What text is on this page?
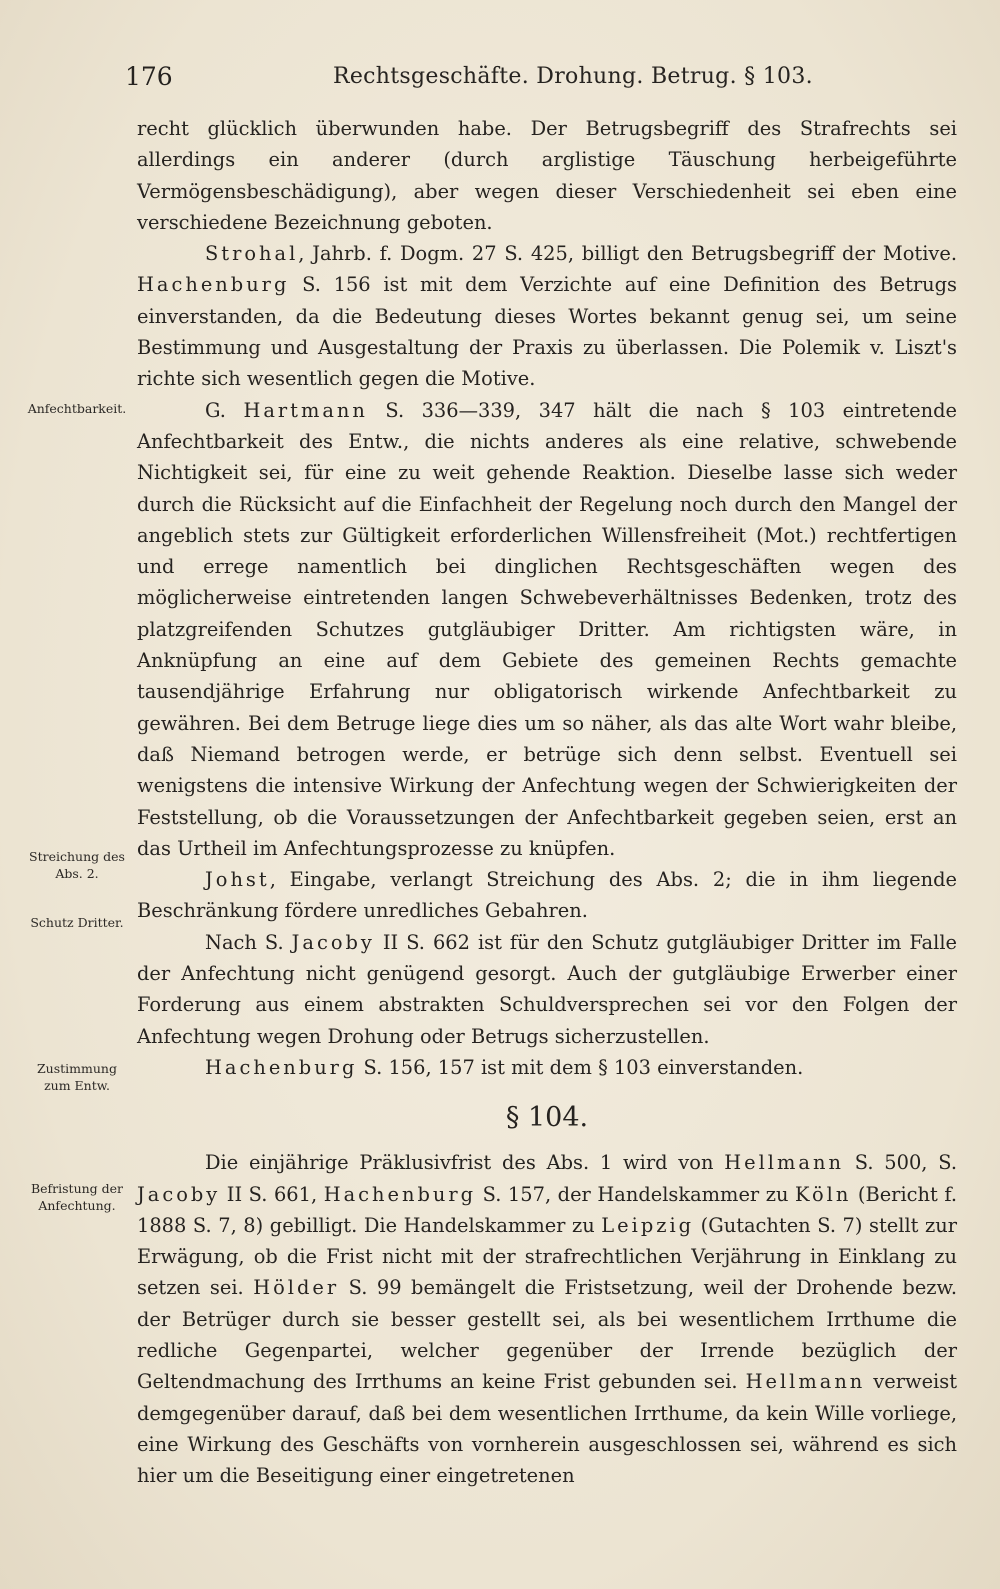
176	Rechtsgeschäfte. Drohung. Betrug. § 103.
Anfechtbarkeit.
Streichung des Abs. 2.
Schutz Dritter.
Zustimmung zum Entw.
Befristung der Anfechtung.

recht glücklich überwunden habe. Der Betrugsbegriff des Strafrechts sei allerdings ein anderer (durch arglistige Täuschung herbeigeführte Vermögensbeschädigung), aber wegen dieser Verschiedenheit sei eben eine verschiedene Bezeichnung geboten.

Strohal, Jahrb. f. Dogm. 27 S. 425, billigt den Betrugsbegriff der Motive. Hachenburg S. 156 ist mit dem Verzichte auf eine Definition des Betrugs einverstanden, da die Bedeutung dieses Wortes bekannt genug sei, um seine Bestimmung und Ausgestaltung der Praxis zu überlassen. Die Polemik v. Liszt's richte sich wesentlich gegen die Motive.

G. Hartmann S. 336—339, 347 hält die nach § 103 eintretende Anfechtbarkeit des Entw., die nichts anderes als eine relative, schwebende Nichtigkeit sei, für eine zu weit gehende Reaktion. Dieselbe lasse sich weder durch die Rücksicht auf die Einfachheit der Regelung noch durch den Mangel der angeblich stets zur Gültigkeit erforderlichen Willensfreiheit (Mot.) rechtfertigen und errege namentlich bei dinglichen Rechtsgeschäften wegen des möglicherweise eintretenden langen Schwebeverhältnisses Bedenken, trotz des platzgreifenden Schutzes gutgläubiger Dritter. Am richtigsten wäre, in Anknüpfung an eine auf dem Gebiete des gemeinen Rechts gemachte tausendjährige Erfahrung nur obligatorisch wirkende Anfechtbarkeit zu gewähren. Bei dem Betruge liege dies um so näher, als das alte Wort wahr bleibe, daß Niemand betrogen werde, er betrüge sich denn selbst. Eventuell sei wenigstens die intensive Wirkung der Anfechtung wegen der Schwierigkeiten der Feststellung, ob die Voraussetzungen der Anfechtbarkeit gegeben seien, erst an das Urtheil im Anfechtungsprozesse zu knüpfen.

Johst, Eingabe, verlangt Streichung des Abs. 2; die in ihm liegende Beschränkung fördere unredliches Gebahren.

Nach S. Jacoby II S. 662 ist für den Schutz gutgläubiger Dritter im Falle der Anfechtung nicht genügend gesorgt. Auch der gutgläubige Erwerber einer Forderung aus einem abstrakten Schuldversprechen sei vor den Folgen der Anfechtung wegen Drohung oder Betrugs sicherzustellen.

Hachenburg S. 156, 157 ist mit dem § 103 einverstanden.

§ 104.

Die einjährige Präklusivfrist des Abs. 1 wird von Hellmann S. 500, S. Jacoby II S. 661, Hachenburg S. 157, der Handelskammer zu Köln (Bericht f. 1888 S. 7, 8) gebilligt. Die Handelskammer zu Leipzig (Gutachten S. 7) stellt zur Erwägung, ob die Frist nicht mit der strafrechtlichen Verjährung in Einklang zu setzen sei. Hölder S. 99 bemängelt die Fristsetzung, weil der Drohende bezw. der Betrüger durch sie besser gestellt sei, als bei wesentlichem Irrthume die redliche Gegenpartei, welcher gegenüber der Irrende bezüglich der Geltendmachung des Irrthums an keine Frist gebunden sei. Hellmann verweist demgegenüber darauf, daß bei dem wesentlichen Irrthume, da kein Wille vorliege, eine Wirkung des Geschäfts von vornherein ausgeschlossen sei, während es sich hier um die Beseitigung einer eingetretenen
